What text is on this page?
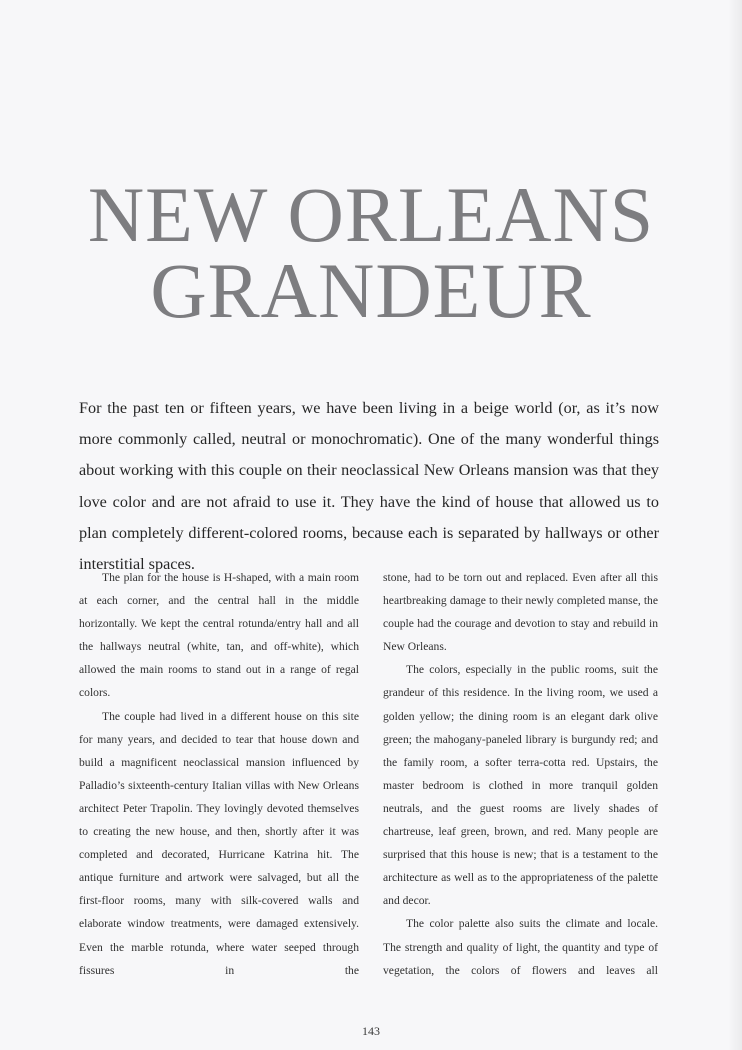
NEW ORLEANS
GRANDEUR

For the past ten or fifteen years, we have been living in a beige world (or, as it’s now more commonly called, neutral or monochromatic). One of the many wonderful things about working with this couple on their neoclassical New Orleans mansion was that they love color and are not afraid to use it. They have the kind of house that allowed us to plan completely different-colored rooms, because each is separated by hallways or other interstitial spaces.

The plan for the house is H-shaped, with a main room at each corner, and the central hall in the middle horizontally. We kept the central rotunda/entry hall and all the hallways neutral (white, tan, and off-white), which allowed the main rooms to stand out in a range of regal colors.

The couple had lived in a different house on this site for many years, and decided to tear that house down and build a magnificent neoclassical mansion influenced by Palladio’s sixteenth-century Italian villas with New Orleans architect Peter Trapolin. They lovingly devoted themselves to creating the new house, and then, shortly after it was completed and decorated, Hurricane Katrina hit. The antique furniture and artwork were salvaged, but all the first-floor rooms, many with silk-covered walls and elaborate window treatments, were damaged extensively. Even the marble rotunda, where water seeped through fissures in the

stone, had to be torn out and replaced. Even after all this heartbreaking damage to their newly completed manse, the couple had the courage and devotion to stay and rebuild in New Orleans.

The colors, especially in the public rooms, suit the grandeur of this residence. In the living room, we used a golden yellow; the dining room is an elegant dark olive green; the mahogany-paneled library is burgundy red; and the family room, a softer terra-cotta red. Upstairs, the master bedroom is clothed in more tranquil golden neutrals, and the guest rooms are lively shades of chartreuse, leaf green, brown, and red. Many people are surprised that this house is new; that is a testament to the architecture as well as to the appropriateness of the palette and decor.

The color palette also suits the climate and locale. The strength and quality of light, the quantity and type of vegetation, the colors of flowers and leaves all

143
